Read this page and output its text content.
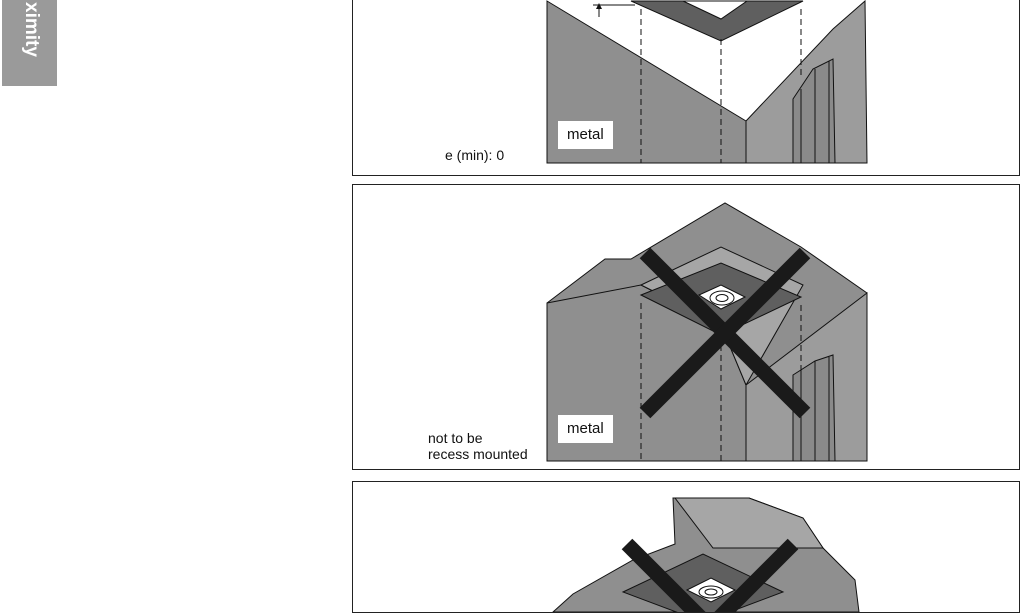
ximity
metal
e (min): 0
metal
not to be
recess mounted
